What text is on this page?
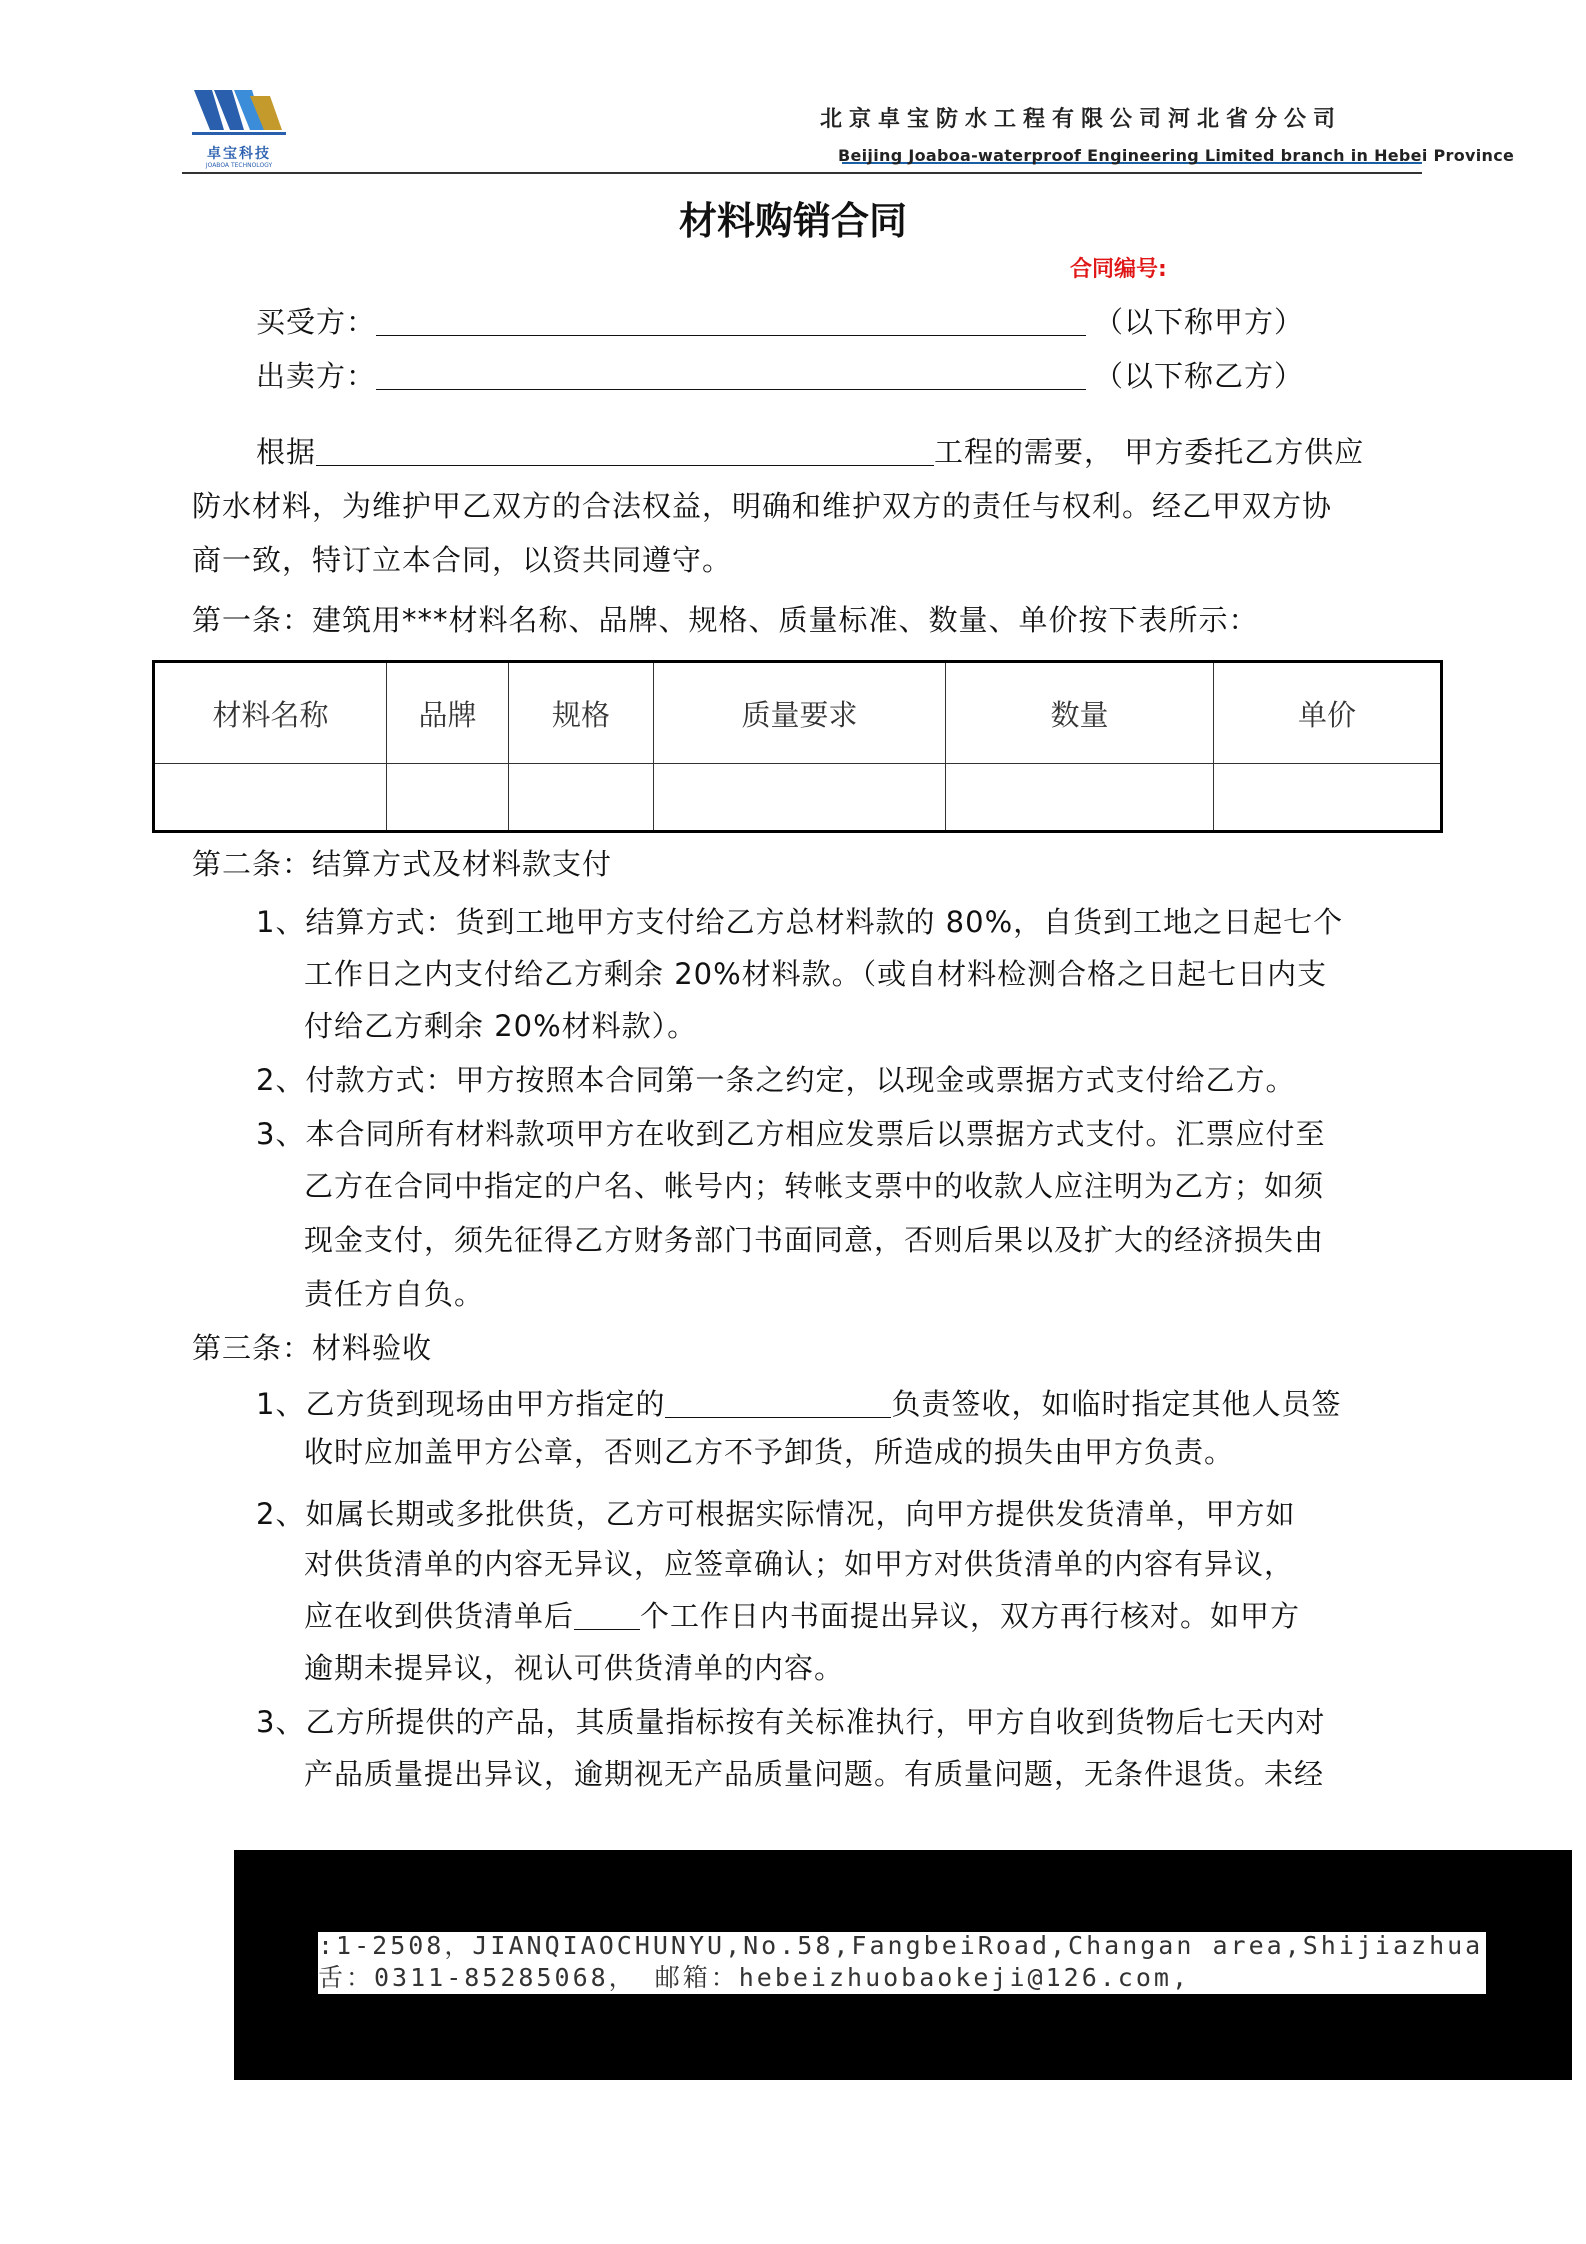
卓宝科技
JOABOA TECHNOLOGY
北京卓宝防水工程有限公司河北省分公司
Beijing Joaboa-waterproof Engineering Limited branch in Hebei Province
材料购销合同
合同编号:
买受方：	（以下称甲方）
出卖方：	（以下称乙方）
根据	工程的需要， 甲方委托乙方供应
防水材料，为维护甲乙双方的合法权益，明确和维护双方的责任与权利。经乙甲双方协
商一致，特订立本合同，以资共同遵守。
第一条：建筑用***材料名称、品牌、规格、质量标准、数量、单价按下表所示：
材料名称	品牌	规格	质量要求	数量	单价

第二条：结算方式及材料款支付
1、结算方式：货到工地甲方支付给乙方总材料款的 80%，自货到工地之日起七个
工作日之内支付给乙方剩余 20%材料款。（或自材料检测合格之日起七日内支
付给乙方剩余 20%材料款）。
2、付款方式：甲方按照本合同第一条之约定，以现金或票据方式支付给乙方。
3、本合同所有材料款项甲方在收到乙方相应发票后以票据方式支付。汇票应付至
乙方在合同中指定的户名、帐号内；转帐支票中的收款人应注明为乙方；如须
现金支付，须先征得乙方财务部门书面同意，否则后果以及扩大的经济损失由
责任方自负。
第三条：材料验收
1、乙方货到现场由甲方指定的	负责签收，如临时指定其他人员签
收时应加盖甲方公章，否则乙方不予卸货，所造成的损失由甲方负责。
2、如属长期或多批供货，乙方可根据实际情况，向甲方提供发货清单，甲方如
对供货清单的内容无异议，应签章确认；如甲方对供货清单的内容有异议，
应在收到供货清单后 个工作日内书面提出异议，双方再行核对。如甲方
逾期未提异议，视认可供货清单的内容。
3、乙方所提供的产品，其质量指标按有关标准执行，甲方自收到货物后七天内对
产品质量提出异议，逾期视无产品质量问题。有质量问题，无条件退货。未经
:1-2508，JIANQIAOCHUNYU,No.58,FangbeiRoad,Changan area,Shijiazhua
舌：0311-85285068， 邮箱：hebeizhuobaokeji@126.com,
